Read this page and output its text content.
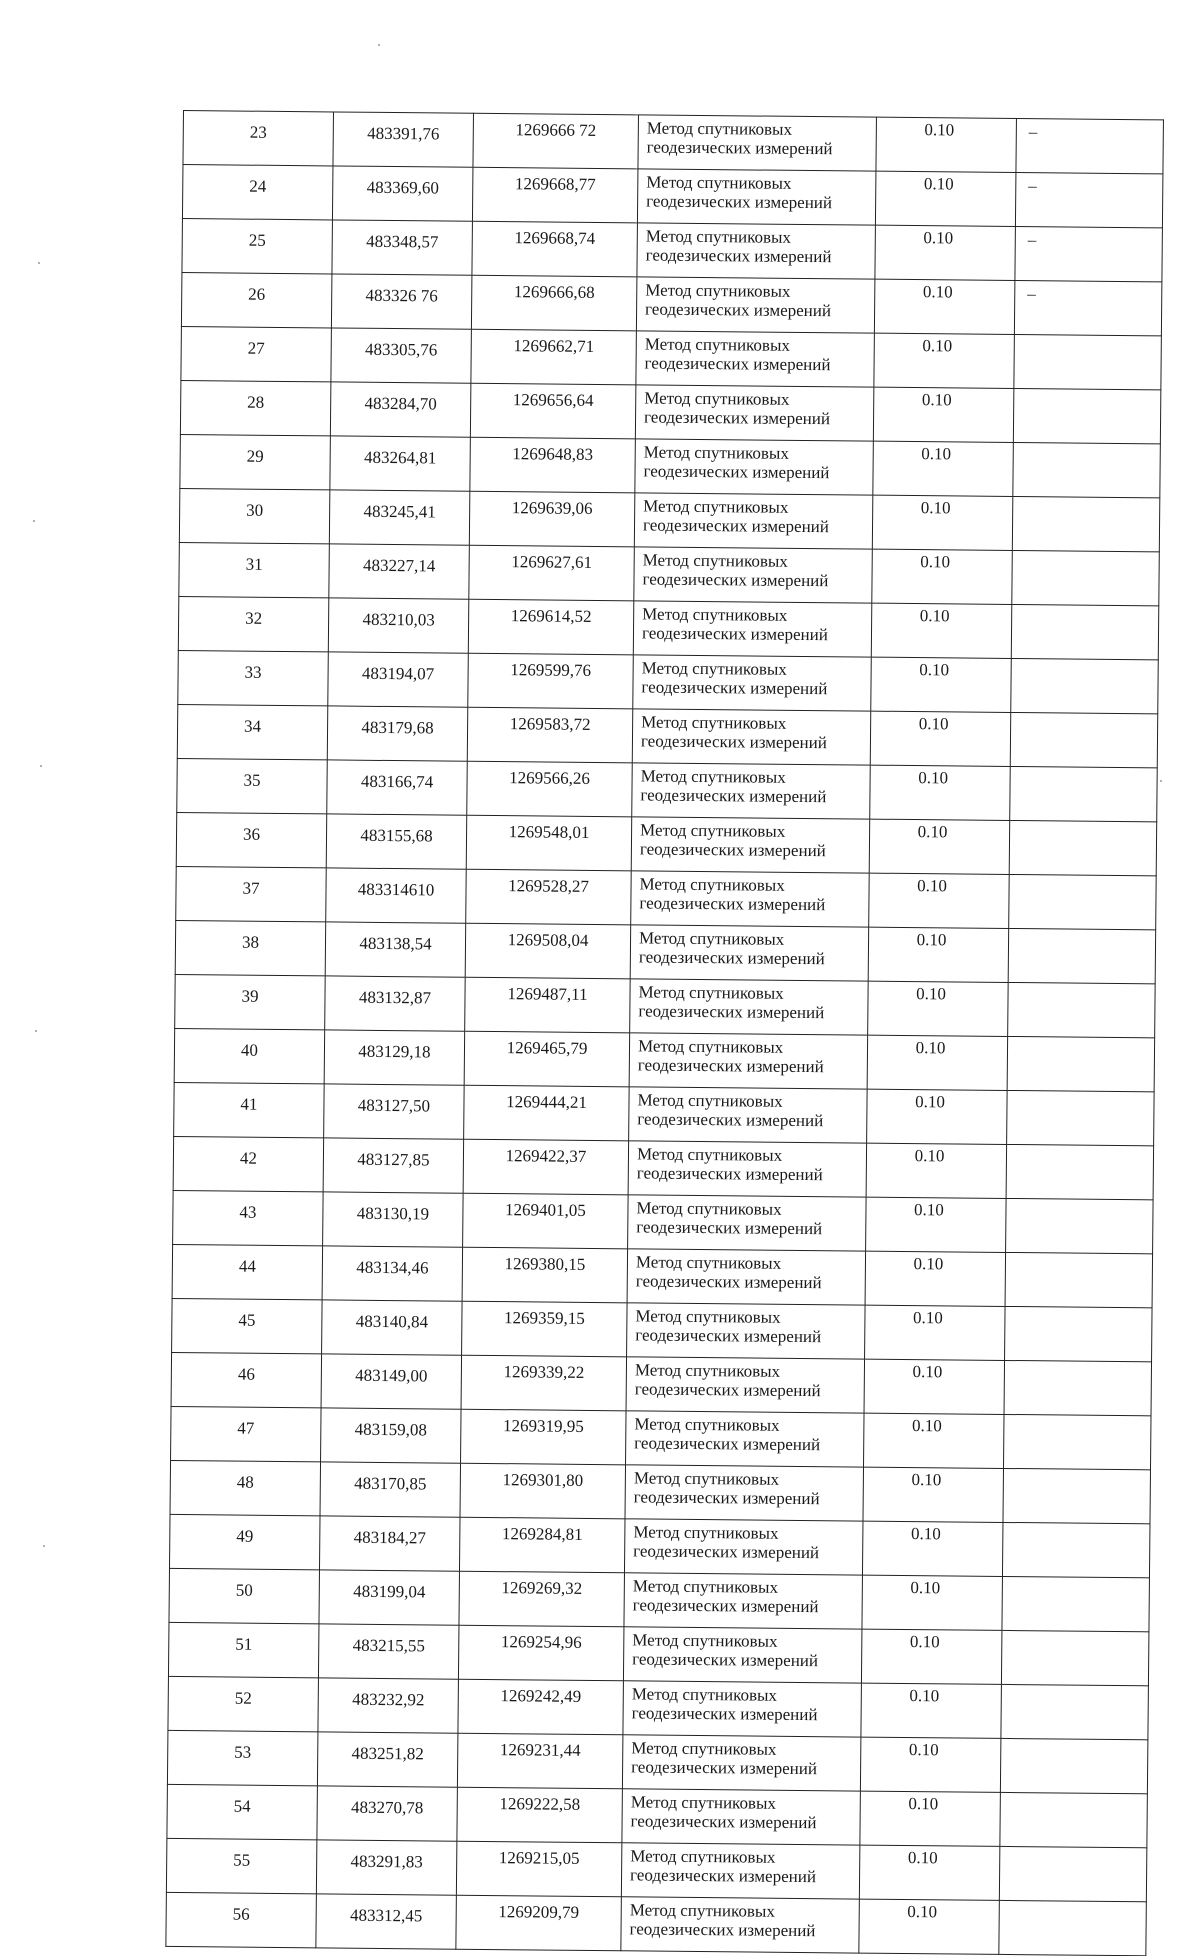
23	483391,76	1269666 72	Метод спутниковых
геодезических измерений	0.10	–
24	483369,60	1269668,77	Метод спутниковых
геодезических измерений	0.10	–
25	483348,57	1269668,74	Метод спутниковых
геодезических измерений	0.10	–
26	483326 76	1269666,68	Метод спутниковых
геодезических измерений	0.10	–
27	483305,76	1269662,71	Метод спутниковых
геодезических измерений	0.10	
28	483284,70	1269656,64	Метод спутниковых
геодезических измерений	0.10	
29	483264,81	1269648,83	Метод спутниковых
геодезических измерений	0.10	
30	483245,41	1269639,06	Метод спутниковых
геодезических измерений	0.10	
31	483227,14	1269627,61	Метод спутниковых
геодезических измерений	0.10	
32	483210,03	1269614,52	Метод спутниковых
геодезических измерений	0.10	
33	483194,07	1269599,76	Метод спутниковых
геодезических измерений	0.10	
34	483179,68	1269583,72	Метод спутниковых
геодезических измерений	0.10	
35	483166,74	1269566,26	Метод спутниковых
геодезических измерений	0.10	
36	483155,68	1269548,01	Метод спутниковых
геодезических измерений	0.10	
37	483314610	1269528,27	Метод спутниковых
геодезических измерений	0.10	
38	483138,54	1269508,04	Метод спутниковых
геодезических измерений	0.10	
39	483132,87	1269487,11	Метод спутниковых
геодезических измерений	0.10	
40	483129,18	1269465,79	Метод спутниковых
геодезических измерений	0.10	
41	483127,50	1269444,21	Метод спутниковых
геодезических измерений	0.10	
42	483127,85	1269422,37	Метод спутниковых
геодезических измерений	0.10	
43	483130,19	1269401,05	Метод спутниковых
геодезических измерений	0.10	
44	483134,46	1269380,15	Метод спутниковых
геодезических измерений	0.10	
45	483140,84	1269359,15	Метод спутниковых
геодезических измерений	0.10	
46	483149,00	1269339,22	Метод спутниковых
геодезических измерений	0.10	
47	483159,08	1269319,95	Метод спутниковых
геодезических измерений	0.10	
48	483170,85	1269301,80	Метод спутниковых
геодезических измерений	0.10	
49	483184,27	1269284,81	Метод спутниковых
геодезических измерений	0.10	
50	483199,04	1269269,32	Метод спутниковых
геодезических измерений	0.10	
51	483215,55	1269254,96	Метод спутниковых
геодезических измерений	0.10	
52	483232,92	1269242,49	Метод спутниковых
геодезических измерений	0.10	
53	483251,82	1269231,44	Метод спутниковых
геодезических измерений	0.10	
54	483270,78	1269222,58	Метод спутниковых
геодезических измерений	0.10	
55	483291,83	1269215,05	Метод спутниковых
геодезических измерений	0.10	
56	483312,45	1269209,79	Метод спутниковых
геодезических измерений	0.10	
